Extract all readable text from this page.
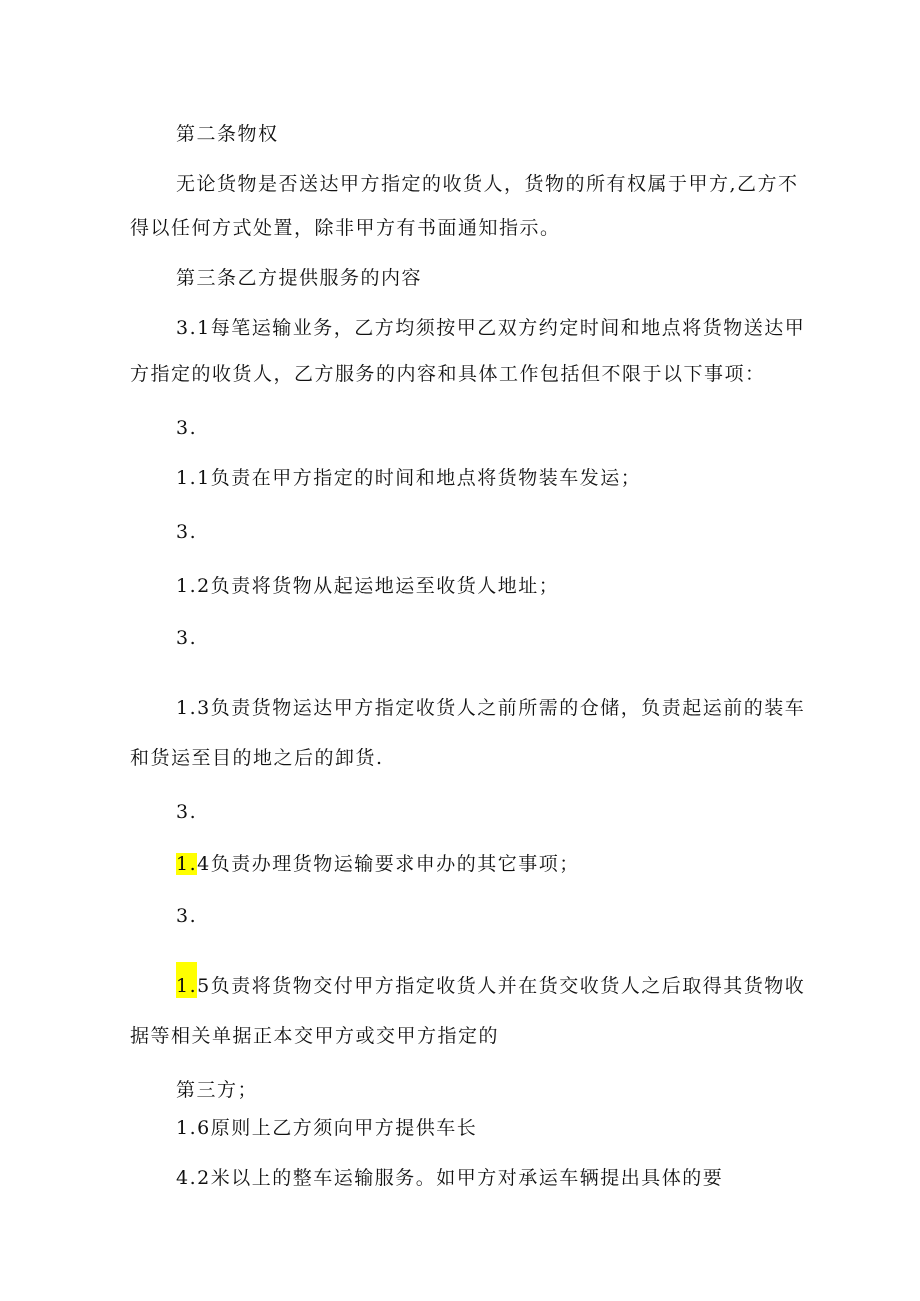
第二条物权
无论货物是否送达甲方指定的收货人，货物的所有权属于甲方,乙方不
得以任何方式处置，除非甲方有书面通知指示。
第三条乙方提供服务的内容
3.1每笔运输业务，乙方均须按甲乙双方约定时间和地点将货物送达甲
方指定的收货人，乙方服务的内容和具体工作包括但不限于以下事项：
3.
1.1负责在甲方指定的时间和地点将货物装车发运；
3.
1.2负责将货物从起运地运至收货人地址；
3.
1.3负责货物运达甲方指定收货人之前所需的仓储，负责起运前的装车
和货运至目的地之后的卸货.
3.
1.4负责办理货物运输要求申办的其它事项；
3.
1.5负责将货物交付甲方指定收货人并在货交收货人之后取得其货物收
据等相关单据正本交甲方或交甲方指定的
第三方；
1.6原则上乙方须向甲方提供车长
4.2米以上的整车运输服务。如甲方对承运车辆提出具体的要
